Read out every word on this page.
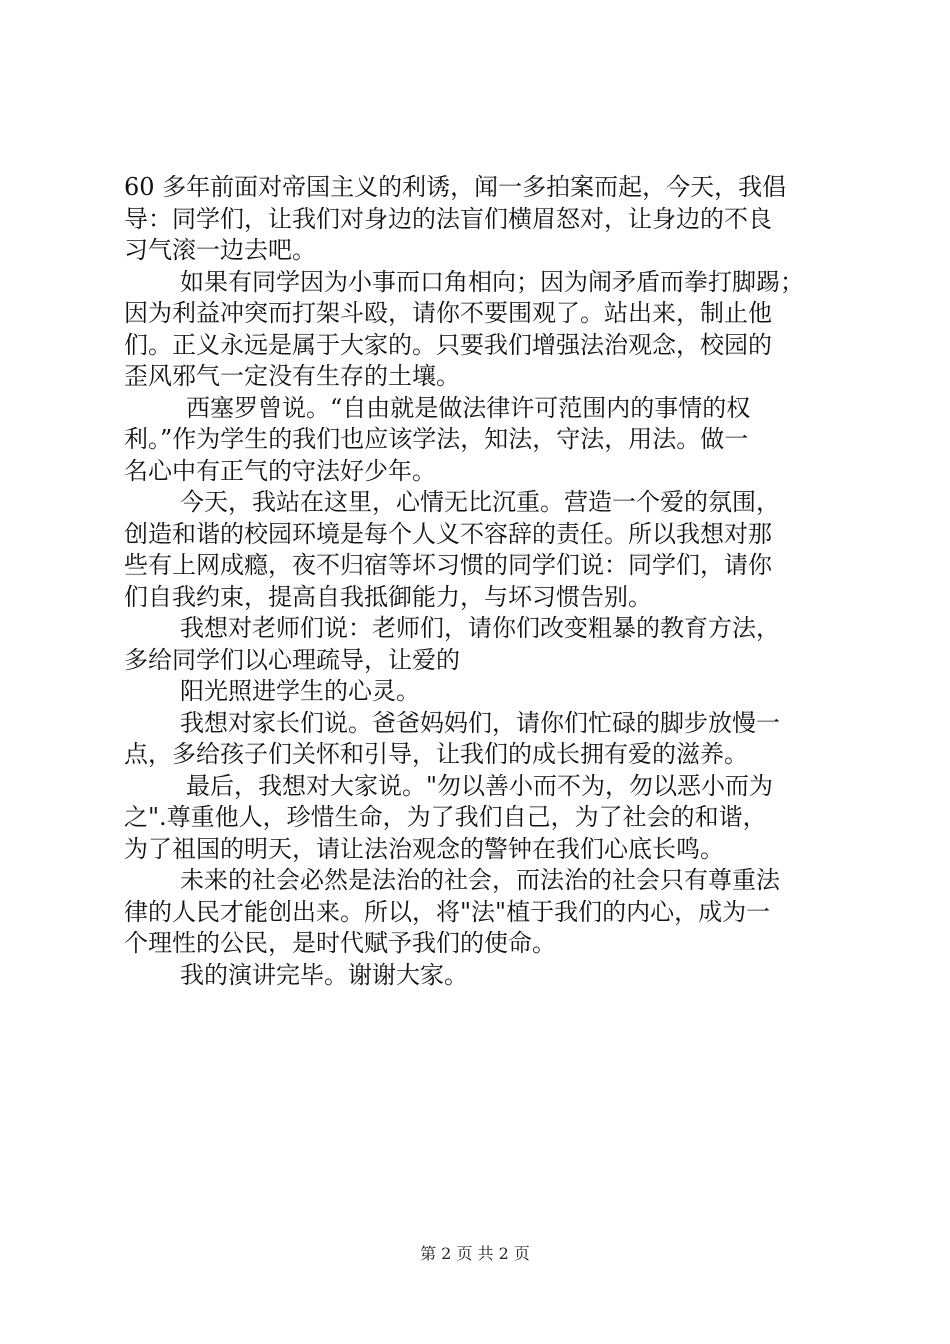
60 多年前面对帝国主义的利诱，闻一多拍案而起，今天，我倡
导：同学们，让我们对身边的法盲们横眉怒对，让身边的不良
习气滚一边去吧。
如果有同学因为小事而口角相向；因为闹矛盾而拳打脚踢；
因为利益冲突而打架斗殴，请你不要围观了。站出来，制止他
们。正义永远是属于大家的。只要我们增强法治观念，校园的
歪风邪气一定没有生存的土壤。
西塞罗曾说。“自由就是做法律许可范围内的事情的权
利。”作为学生的我们也应该学法，知法，守法，用法。做一
名心中有正气的守法好少年。
今天，我站在这里，心情无比沉重。营造一个爱的氛围，
创造和谐的校园环境是每个人义不容辞的责任。所以我想对那
些有上网成瘾，夜不归宿等坏习惯的同学们说：同学们，请你
们自我约束，提高自我抵御能力，与坏习惯告别。
我想对老师们说：老师们，请你们改变粗暴的教育方法，
多给同学们以心理疏导，让爱的
阳光照进学生的心灵。
我想对家长们说。爸爸妈妈们，请你们忙碌的脚步放慢一
点，多给孩子们关怀和引导，让我们的成长拥有爱的滋养。
最后，我想对大家说。"勿以善小而不为，勿以恶小而为
之".尊重他人，珍惜生命，为了我们自己，为了社会的和谐，
为了祖国的明天，请让法治观念的警钟在我们心底长鸣。
未来的社会必然是法治的社会，而法治的社会只有尊重法
律的人民才能创出来。所以，将"法"植于我们的内心，成为一
个理性的公民，是时代赋予我们的使命。
我的演讲完毕。谢谢大家。
第 2 页 共 2 页
